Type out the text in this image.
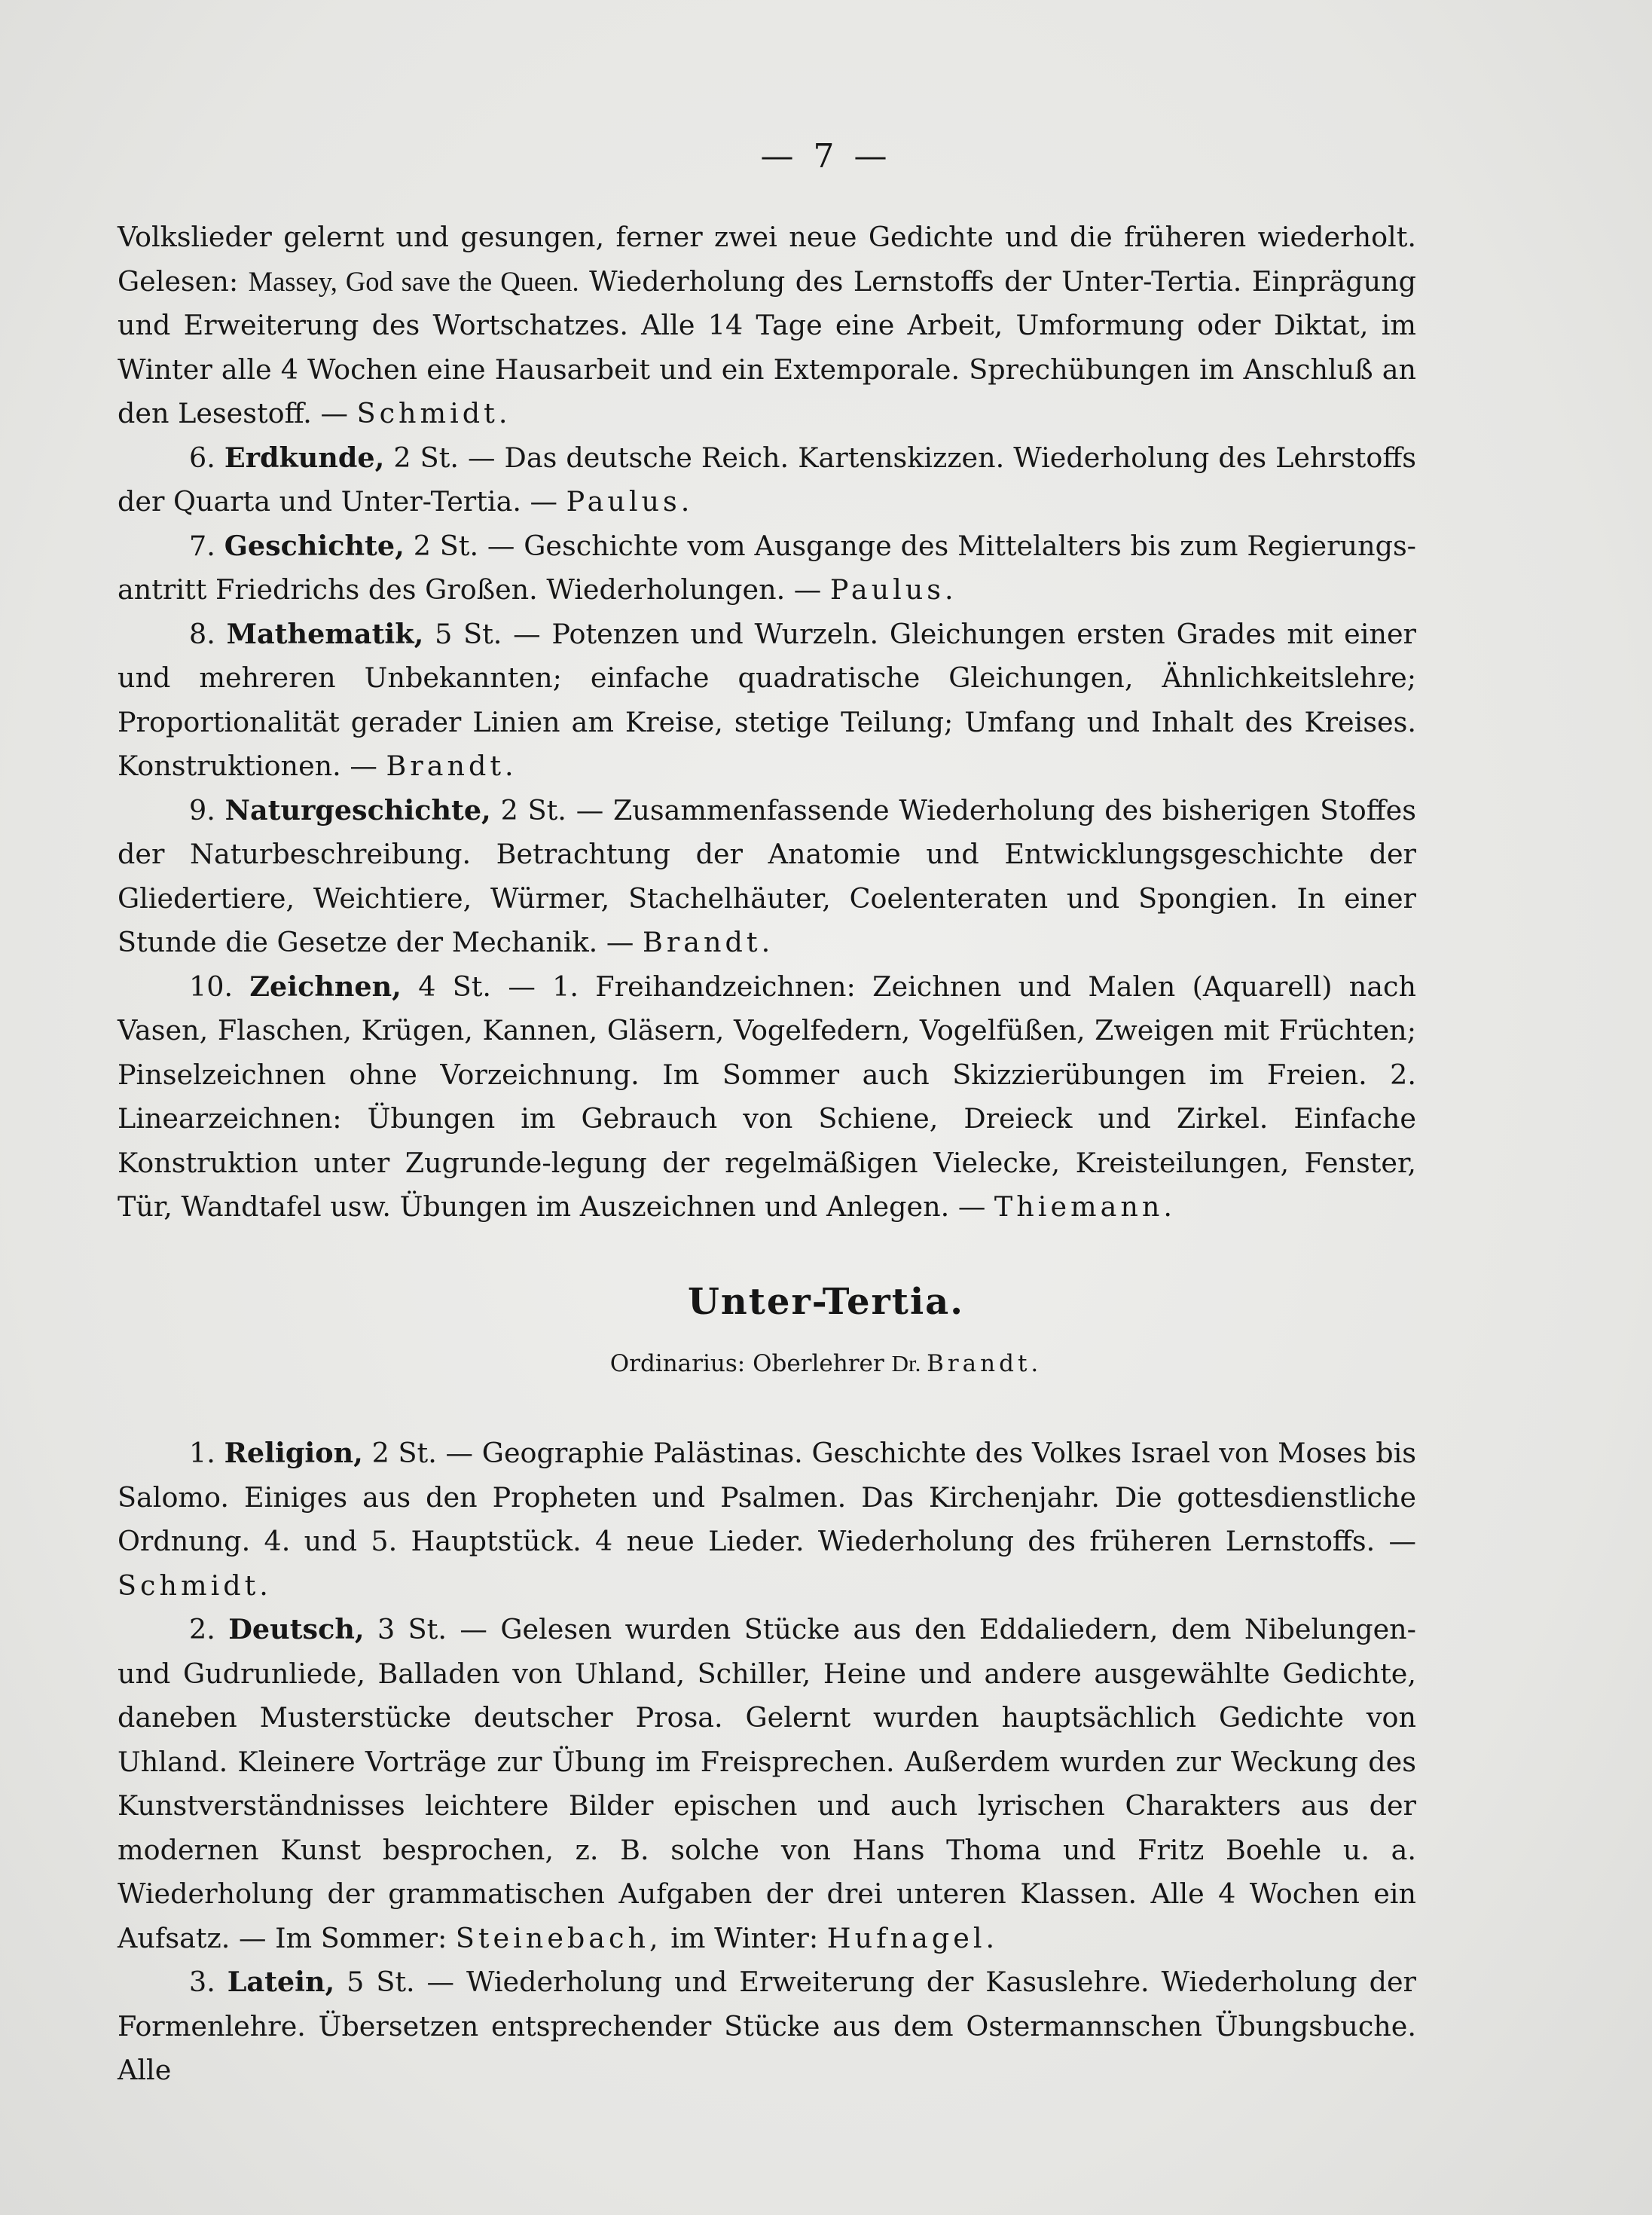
— 7 —

Volkslieder gelernt und gesungen, ferner zwei neue Gedichte und die früheren wiederholt. Gelesen: Massey, God save the Queen. Wiederholung des Lernstoffs der Unter-Tertia. Einprägung und Erweiterung des Wortschatzes. Alle 14 Tage eine Arbeit, Umformung oder Diktat, im Winter alle 4 Wochen eine Hausarbeit und ein Extemporale. Sprechübungen im Anschluß an den Lesestoff. — Schmidt.

6. Erdkunde, 2 St. — Das deutsche Reich. Kartenskizzen. Wiederholung des Lehrstoffs der Quarta und Unter-Tertia. — Paulus.

7. Geschichte, 2 St. — Geschichte vom Ausgange des Mittelalters bis zum Regierungs-antritt Friedrichs des Großen. Wiederholungen. — Paulus.

8. Mathematik, 5 St. — Potenzen und Wurzeln. Gleichungen ersten Grades mit einer und mehreren Unbekannten; einfache quadratische Gleichungen, Ähnlichkeitslehre; Proportionalität gerader Linien am Kreise, stetige Teilung; Umfang und Inhalt des Kreises. Konstruktionen. — Brandt.

9. Naturgeschichte, 2 St. — Zusammenfassende Wiederholung des bisherigen Stoffes der Naturbeschreibung. Betrachtung der Anatomie und Entwicklungsgeschichte der Gliedertiere, Weichtiere, Würmer, Stachelhäuter, Coelenteraten und Spongien. In einer Stunde die Gesetze der Mechanik. — Brandt.

10. Zeichnen, 4 St. — 1. Freihandzeichnen: Zeichnen und Malen (Aquarell) nach Vasen, Flaschen, Krügen, Kannen, Gläsern, Vogelfedern, Vogelfüßen, Zweigen mit Früchten; Pinselzeichnen ohne Vorzeichnung. Im Sommer auch Skizzierübungen im Freien. 2. Linearzeichnen: Übungen im Gebrauch von Schiene, Dreieck und Zirkel. Einfache Konstruktion unter Zugrunde-legung der regelmäßigen Vielecke, Kreisteilungen, Fenster, Tür, Wandtafel usw. Übungen im Auszeichnen und Anlegen. — Thiemann.

Unter-Tertia.
Ordinarius: Oberlehrer Dr. Brandt.

1. Religion, 2 St. — Geographie Palästinas. Geschichte des Volkes Israel von Moses bis Salomo. Einiges aus den Propheten und Psalmen. Das Kirchenjahr. Die gottesdienstliche Ordnung. 4. und 5. Hauptstück. 4 neue Lieder. Wiederholung des früheren Lernstoffs. — Schmidt.

2. Deutsch, 3 St. — Gelesen wurden Stücke aus den Eddaliedern, dem Nibelungen- und Gudrunliede, Balladen von Uhland, Schiller, Heine und andere ausgewählte Gedichte, daneben Musterstücke deutscher Prosa. Gelernt wurden hauptsächlich Gedichte von Uhland. Kleinere Vorträge zur Übung im Freisprechen. Außerdem wurden zur Weckung des Kunstverständnisses leichtere Bilder epischen und auch lyrischen Charakters aus der modernen Kunst besprochen, z. B. solche von Hans Thoma und Fritz Boehle u. a. Wiederholung der grammatischen Aufgaben der drei unteren Klassen. Alle 4 Wochen ein Aufsatz. — Im Sommer: Steinebach, im Winter: Hufnagel.

3. Latein, 5 St. — Wiederholung und Erweiterung der Kasuslehre. Wiederholung der Formenlehre. Übersetzen entsprechender Stücke aus dem Ostermannschen Übungsbuche. Alle
